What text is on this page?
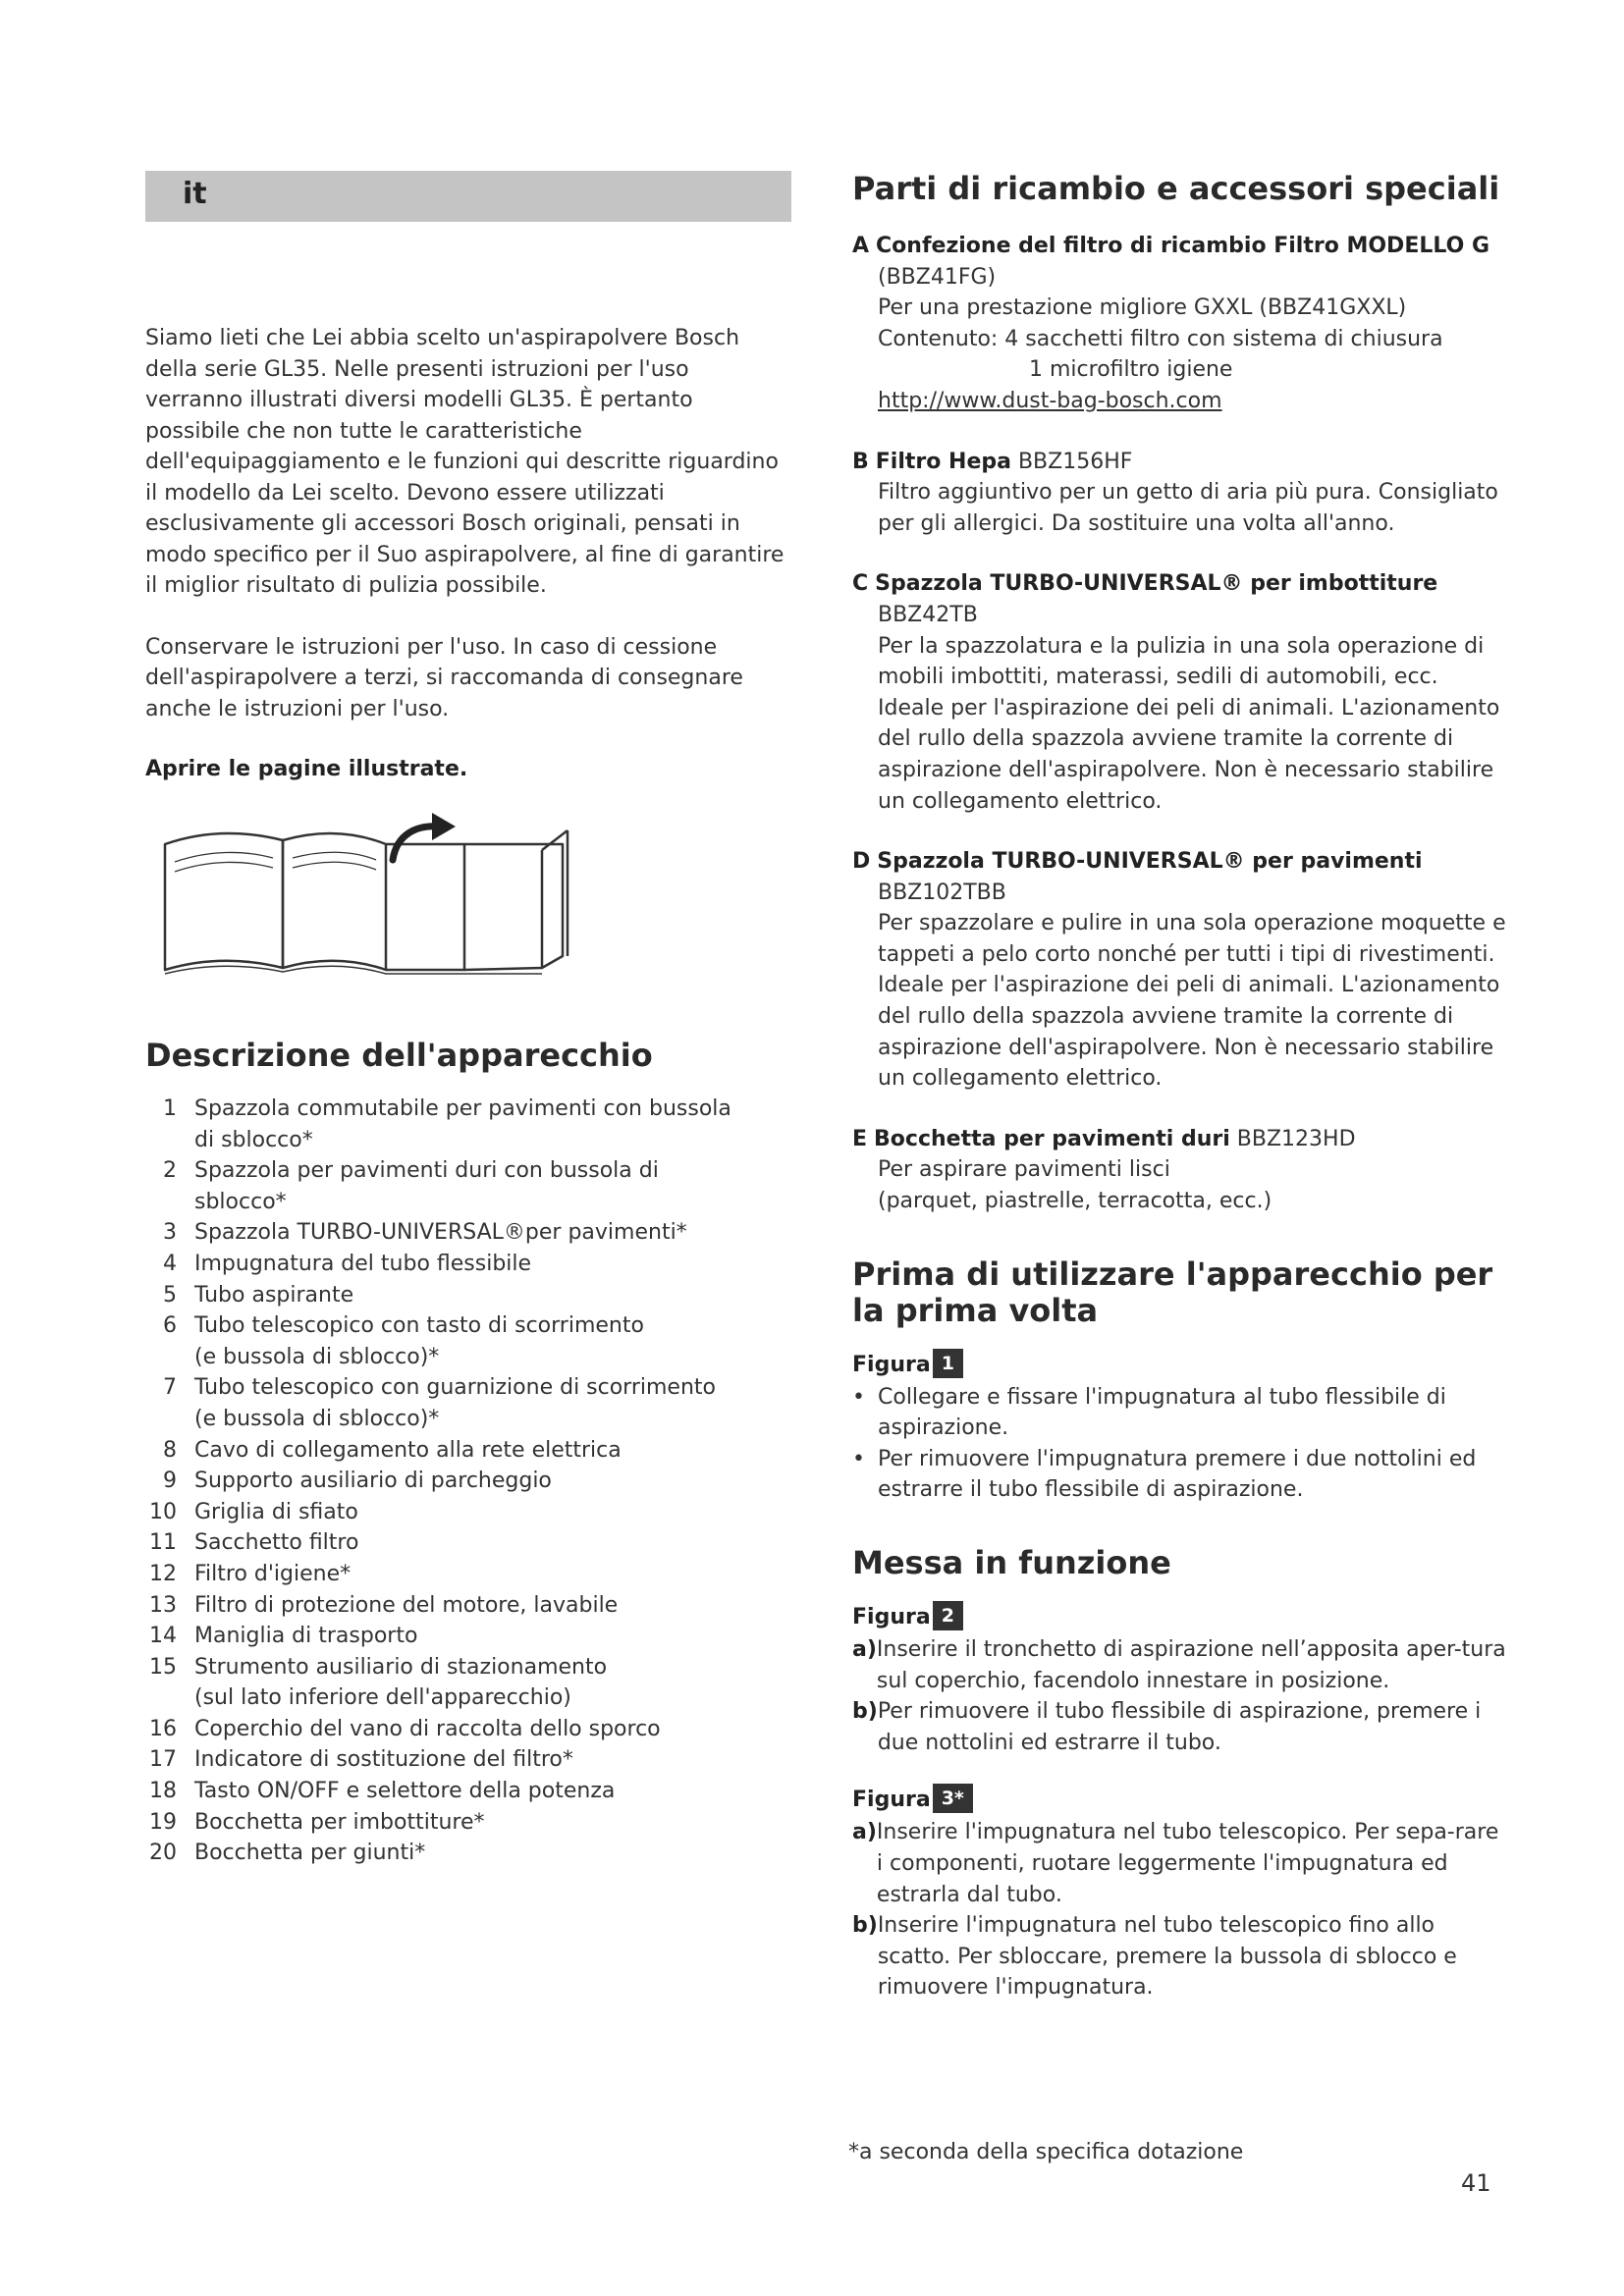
it

Siamo lieti che Lei abbia scelto un'aspirapolvere Bosch della serie GL35. Nelle presenti istruzioni per l'uso verranno illustrati diversi modelli GL35. È pertanto possibile che non tutte le caratteristiche dell'equipaggiamento e le funzioni qui descritte riguardino il modello da Lei scelto. Devono essere utilizzati esclusivamente gli accessori Bosch originali, pensati in modo specifico per il Suo aspirapolvere, al fine di garantire il miglior risultato di pulizia possibile.

Conservare le istruzioni per l'uso. In caso di cessione dell'aspirapolvere a terzi, si raccomanda di consegnare anche le istruzioni per l'uso.

Aprire le pagine illustrate.

Descrizione dell'apparecchio
1 Spazzola commutabile per pavimenti con bussola
di sblocco*
2 Spazzola per pavimenti duri con bussola di
sblocco*
3 Spazzola TURBO-UNIVERSAL®per pavimenti*
4 Impugnatura del tubo flessibile
5 Tubo aspirante
6 Tubo telescopico con tasto di scorrimento
(e bussola di sblocco)*
7 Tubo telescopico con guarnizione di scorrimento
(e bussola di sblocco)*
8 Cavo di collegamento alla rete elettrica
9 Supporto ausiliario di parcheggio
10 Griglia di sfiato
11 Sacchetto filtro
12 Filtro d'igiene*
13 Filtro di protezione del motore, lavabile
14 Maniglia di trasporto
15 Strumento ausiliario di stazionamento
(sul lato inferiore dell'apparecchio)
16 Coperchio del vano di raccolta dello sporco
17 Indicatore di sostituzione del filtro*
18 Tasto ON/OFF e selettore della potenza
19 Bocchetta per imbottiture*
20 Bocchetta per giunti*
Parti di ricambio e accessori speciali
A Confezione del filtro di ricambio Filtro MODELLO G
(BBZ41FG)
Per una prestazione migliore GXXL (BBZ41GXXL)
Contenuto: 4 sacchetti filtro con sistema di chiusura
1 microfiltro igiene
http://www.dust-bag-bosch.com
B Filtro Hepa BBZ156HF
Filtro aggiuntivo per un getto di aria più pura. Consigliato per gli allergici. Da sostituire una volta all'anno.
C Spazzola TURBO-UNIVERSAL® per imbottiture
BBZ42TB
Per la spazzolatura e la pulizia in una sola operazione di mobili imbottiti, materassi, sedili di automobili, ecc. Ideale per l'aspirazione dei peli di animali. L'azionamento del rullo della spazzola avviene tramite la corrente di aspirazione dell'aspirapolvere. Non è necessario stabilire un collegamento elettrico.
D Spazzola TURBO-UNIVERSAL® per pavimenti
BBZ102TBB
Per spazzolare e pulire in una sola operazione moquette e tappeti a pelo corto nonché per tutti i tipi di rivestimenti. Ideale per l'aspirazione dei peli di animali. L'azionamento del rullo della spazzola avviene tramite la corrente di aspirazione dell'aspirapolvere. Non è necessario stabilire un collegamento elettrico.
E Bocchetta per pavimenti duri BBZ123HD
Per aspirare pavimenti lisci
(parquet, piastrelle, terracotta, ecc.)
Prima di utilizzare l'apparecchio per la prima volta
Figura 1
• Collegare e fissare l'impugnatura al tubo flessibile di aspirazione.
• Per rimuovere l'impugnatura premere i due nottolini ed estrarre il tubo flessibile di aspirazione.
Messa in funzione
Figura 2
a) Inserire il tronchetto di aspirazione nell’apposita aper-tura sul coperchio, facendolo innestare in posizione.
b) Per rimuovere il tubo flessibile di aspirazione, premere i due nottolini ed estrarre il tubo.
Figura 3*
a) Inserire l'impugnatura nel tubo telescopico. Per sepa-rare i componenti, ruotare leggermente l'impugnatura ed estrarla dal tubo.
b) Inserire l'impugnatura nel tubo telescopico fino allo scatto. Per sbloccare, premere la bussola di sblocco e rimuovere l'impugnatura.
*a seconda della specifica dotazione
41
